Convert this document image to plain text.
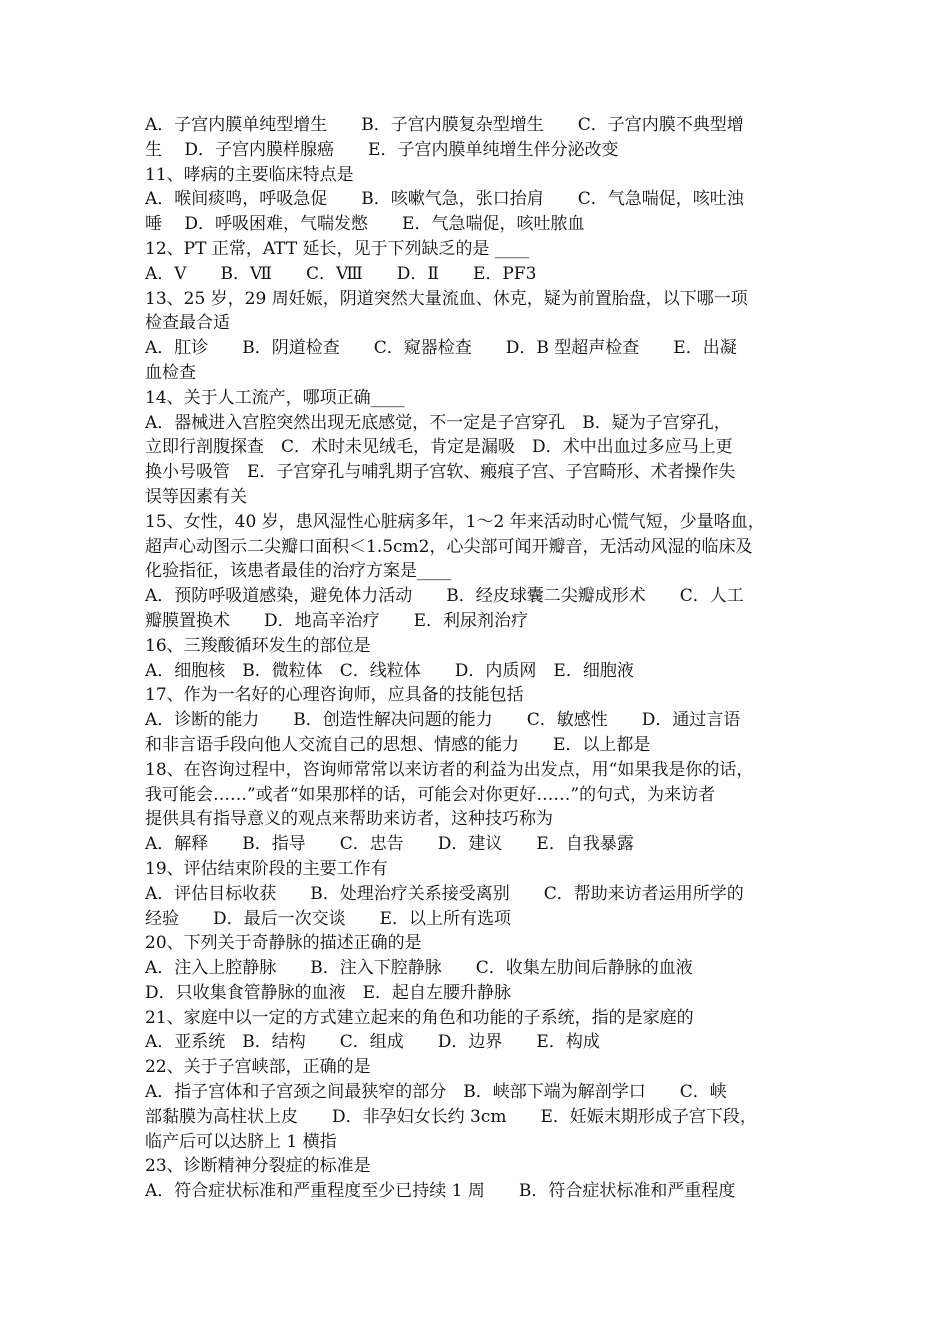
A．子宫内膜单纯型增生　　B．子宫内膜复杂型增生　　C．子宫内膜不典型增
生　 D．子宫内膜样腺癌　　E．子宫内膜单纯增生伴分泌改变
11、哮病的主要临床特点是
A．喉间痰鸣，呼吸急促　　B．咳嗽气急，张口抬肩　　C．气急喘促，咳吐浊
唾　 D．呼吸困难，气喘发憋　　E．气急喘促，咳吐脓血
12、PT 正常，ATT 延长，见于下列缺乏的是 ____
A．Ⅴ　　B．Ⅶ　　C．Ⅷ　　D．Ⅱ　　E．PF3
13、25 岁，29 周妊娠，阴道突然大量流血、休克，疑为前置胎盘，以下哪一项
检查最合适
A．肛诊　　B．阴道检查　　C．窥器检查　　D．B 型超声检查　　E．出凝
血检查
14、关于人工流产，哪项正确____
A．器械进入宫腔突然出现无底感觉，不一定是子宫穿孔　B．疑为子宫穿孔，
立即行剖腹探查　C．术时未见绒毛，肯定是漏吸　D．术中出血过多应马上更
换小号吸管　E．子宫穿孔与哺乳期子宫软、瘢痕子宫、子宫畸形、术者操作失
误等因素有关
15、女性，40 岁，患风湿性心脏病多年，1～2 年来活动时心慌气短，少量咯血，
超声心动图示二尖瓣口面积＜1.5cm2，心尖部可闻开瓣音，无活动风湿的临床及
化验指征，该患者最佳的治疗方案是____
A．预防呼吸道感染，避免体力活动　　B．经皮球囊二尖瓣成形术　　C．人工
瓣膜置换术　　D．地高辛治疗　　E．利尿剂治疗
16、三羧酸循环发生的部位是
A．细胞核　B．微粒体　C．线粒体　　D．内质网　E．细胞液
17、作为一名好的心理咨询师，应具备的技能包括
A．诊断的能力　　B．创造性解决问题的能力　　C．敏感性　　D．通过言语
和非言语手段向他人交流自己的思想、情感的能力　　E．以上都是
18、在咨询过程中，咨询师常常以来访者的利益为出发点，用“如果我是你的话，
我可能会……”或者“如果那样的话，可能会对你更好……”的句式，为来访者
提供具有指导意义的观点来帮助来访者，这种技巧称为
A．解释　　B．指导　　C．忠告　　D．建议　　E．自我暴露
19、评估结束阶段的主要工作有
A．评估目标收获　　B．处理治疗关系接受离别　　C．帮助来访者运用所学的
经验　　D．最后一次交谈　　E．以上所有选项
20、下列关于奇静脉的描述正确的是
A．注入上腔静脉　　B．注入下腔静脉　　C．收集左肋间后静脉的血液
D．只收集食管静脉的血液　E．起自左腰升静脉
21、家庭中以一定的方式建立起来的角色和功能的子系统，指的是家庭的
A．亚系统　B．结构　　C．组成　　D．边界　　E．构成
22、关于子宫峡部，正确的是
A．指子宫体和子宫颈之间最狭窄的部分　B．峡部下端为解剖学口　　C．峡
部黏膜为高柱状上皮　　D．非孕妇女长约 3cm　　E．妊娠末期形成子宫下段，
临产后可以达脐上 1 横指
23、诊断精神分裂症的标准是
A．符合症状标准和严重程度至少已持续 1 周　　B．符合症状标准和严重程度
